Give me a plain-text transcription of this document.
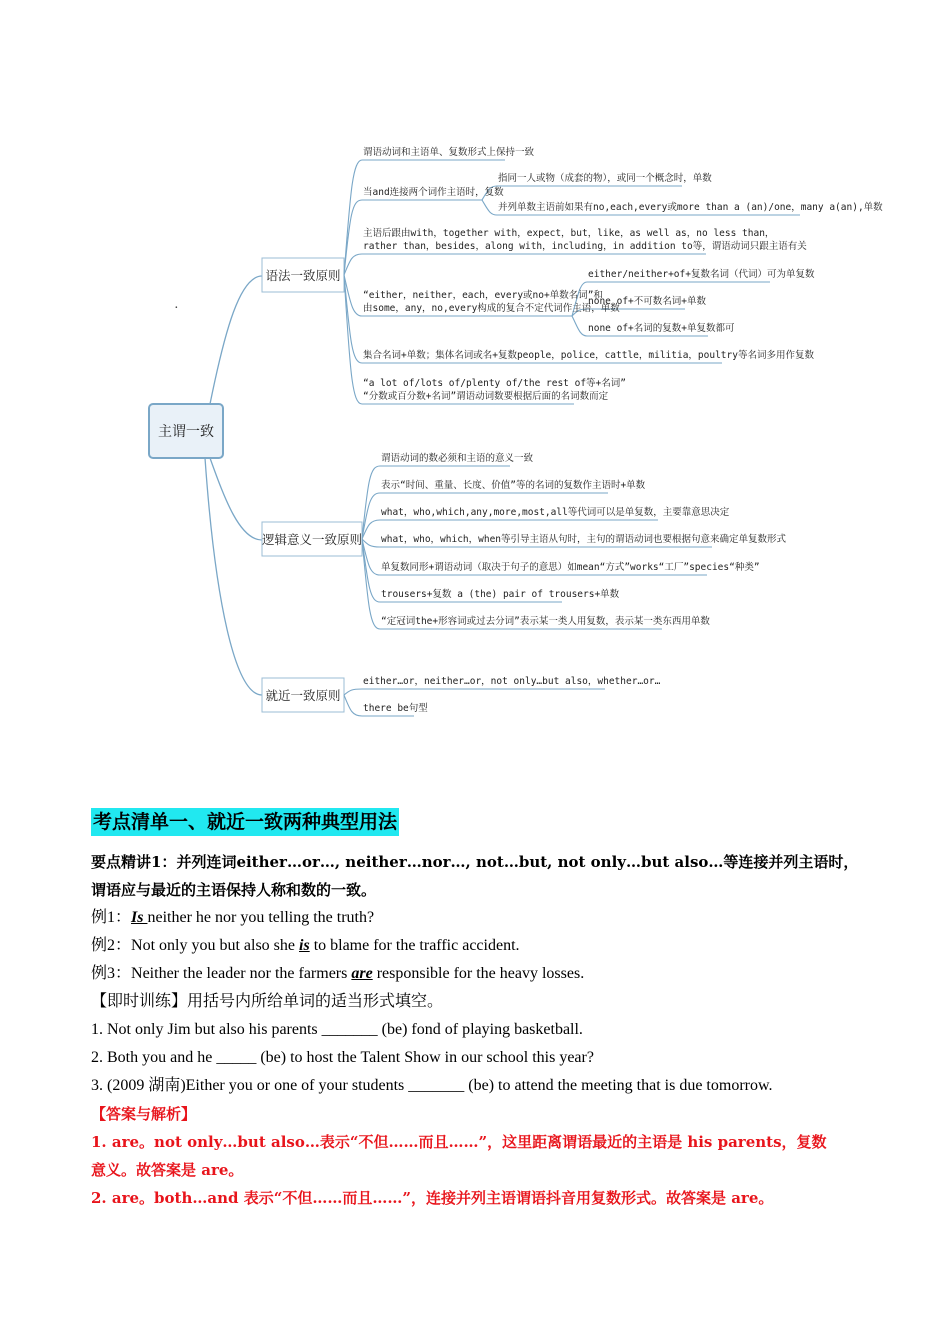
主谓一致
·
语法一致原则
逻辑意义一致原则
就近一致原则
谓语动词和主语单、复数形式上保持一致
当and连接两个词作主语时，复数
指同一人或物（成套的物），或同一个概念时，单数
并列单数主语前如果有no,each,every或more than a (an)/one，many a(an),单数
主语后跟由with，together with，expect，but，like，as well as，no less than，
rather than，besides，along with，including，in addition to等，谓语动词只跟主语有关
“either，neither，each，every或no+单数名词”和
由some，any，no,every构成的复合不定代词作主语，单数
either/neither+of+复数名词（代词）可为单复数
none of+不可数名词+单数
none of+名词的复数+单复数都可
集合名词+单数；集体名词或名+复数people，police，cattle，militia，poultry等名词多用作复数
“a lot of/lots of/plenty of/the rest of等+名词”
“分数或百分数+名词”谓语动词数要根据后面的名词数而定
谓语动词的数必须和主语的意义一致
表示“时间、重量、长度、价值”等的名词的复数作主语时+单数
what，who,which,any,more,most,all等代词可以是单复数，主要靠意思决定
what，who，which，when等引导主语从句时，主句的谓语动词也要根据句意来确定单复数形式
单复数同形+谓语动词（取决于句子的意思）如mean“方式”works“工厂”species“种类”
trousers+复数 a (the) pair of trousers+单数
“定冠词the+形容词或过去分词”表示某一类人用复数，表示某一类东西用单数
either…or，neither…or，not only…but also，whether…or…
there be句型
考点清单一、就近一致两种典型用法
要点精讲1：并列连词either…or…, neither…nor…, not…but, not only…but also…等连接并列主语时，
谓语应与最近的主语保持人称和数的一致。
例1：Is neither he nor you telling the truth?
例2：Not only you but also she is to blame for the traffic accident.
例3：Neither the leader nor the farmers are responsible for the heavy losses.
【即时训练】用括号内所给单词的适当形式填空。
1. Not only Jim but also his parents _______ (be) fond of playing basketball.
2. Both you and he _____ (be) to host the Talent Show in our school this year?
3. (2009 湖南)Either you or one of your students _______ (be) to attend the meeting that is due tomorrow.
【答案与解析】
1. are。not only…but also…表示“不但……而且……”，这里距离谓语最近的主语是 his parents，复数
意义。故答案是 are。
2. are。both…and 表示“不但……而且……”，连接并列主语谓语抖音用复数形式。故答案是 are。
